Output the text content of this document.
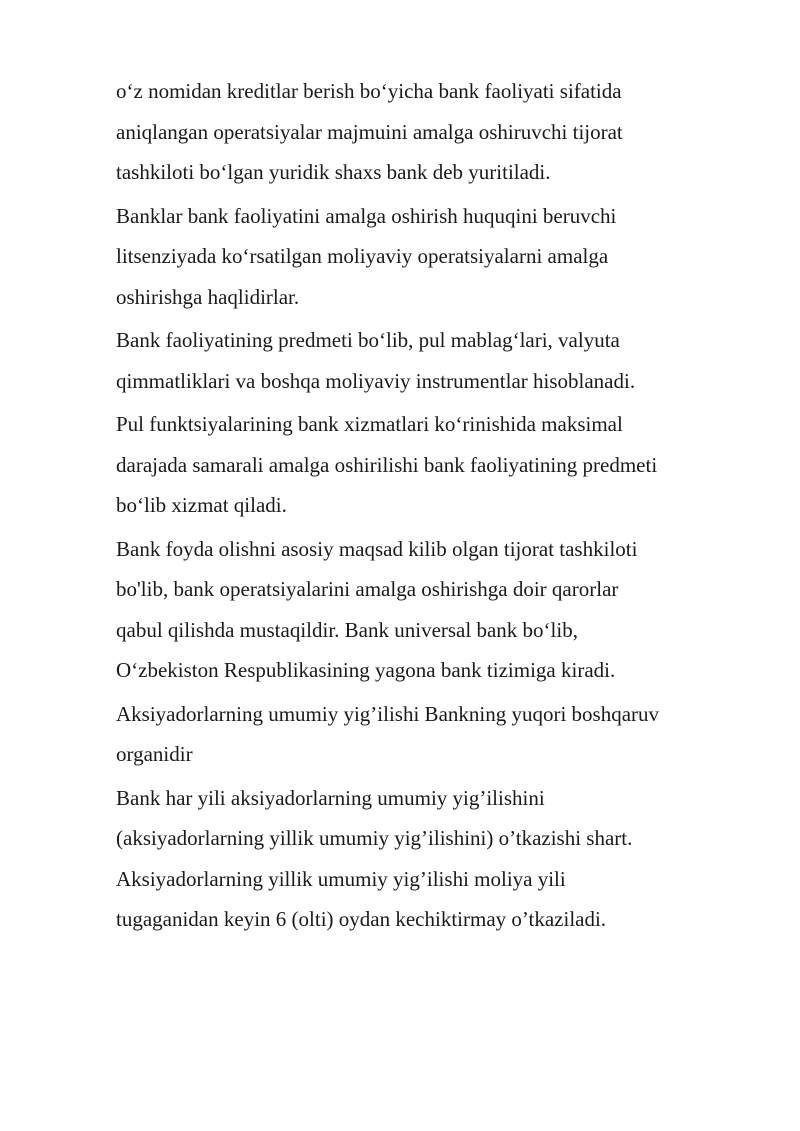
o‘z nomidan kreditlar berish bo‘yicha bank faoliyati sifatida
aniqlangan operatsiyalar majmuini amalga oshiruvchi tijorat
tashkiloti bo‘lgan yuridik shaxs bank deb yuritiladi.

Banklar bank faoliyatini amalga oshirish huquqini beruvchi
litsenziyada ko‘rsatilgan moliyaviy operatsiyalarni amalga
oshirishga haqlidirlar.

Bank faoliyatining predmeti bo‘lib, pul mablag‘lari, valyuta
qimmatliklari va boshqa moliyaviy instrumentlar hisoblanadi.

Pul funktsiyalarining bank xizmatlari ko‘rinishida maksimal
darajada samarali amalga oshirilishi bank faoliyatining predmeti
bo‘lib xizmat qiladi.

Bank foyda olishni asosiy maqsad kilib olgan tijorat tashkiloti
bo'lib, bank operatsiyalarini amalga oshirishga doir qarorlar
qabul qilishda mustaqildir. Bank universal bank bo‘lib,
O‘zbekiston Respublikasining yagona bank tizimiga kiradi.

Aksiyadorlarning umumiy yig’ilishi Bankning yuqori boshqaruv
organidir

Bank har yili aksiyadorlarning umumiy yig’ilishini
(aksiyadorlarning yillik umumiy yig’ilishini) o’tkazishi shart.
Aksiyadorlarning yillik umumiy yig’ilishi moliya yili
tugaganidan keyin 6 (olti) oydan kechiktirmay o’tkaziladi.
